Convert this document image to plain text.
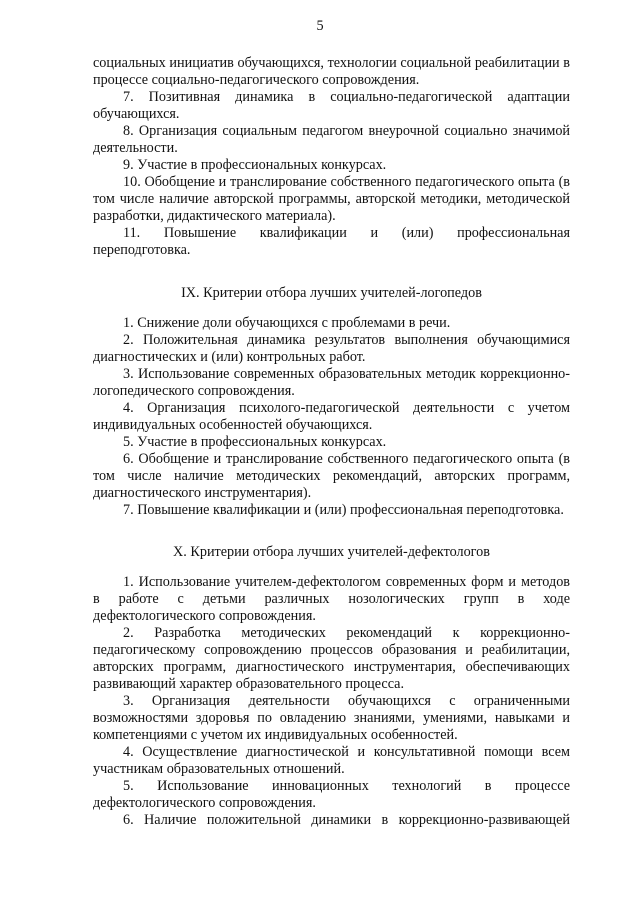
5

социальных инициатив обучающихся, технологии социальной реабилитации в процессе социально-педагогического сопровождения.

7. Позитивная динамика в социально-педагогической адаптации обучающихся.

8. Организация социальным педагогом внеурочной социально значимой деятельности.

9. Участие в профессиональных конкурсах.

10. Обобщение и транслирование собственного педагогического опыта (в том числе наличие авторской программы, авторской методики, методической разработки, дидактического материала).

11. Повышение квалификации и (или) профессиональная переподготовка.

IX. Критерии отбора лучших учителей-логопедов

1. Снижение доли обучающихся с проблемами в речи.

2. Положительная динамика результатов выполнения обучающимися диагностических и (или) контрольных работ.

3. Использование современных образовательных методик коррекционно-логопедического сопровождения.

4. Организация психолого-педагогической деятельности с учетом индивидуальных особенностей обучающихся.

5. Участие в профессиональных конкурсах.

6. Обобщение и транслирование собственного педагогического опыта (в том числе наличие методических рекомендаций, авторских программ, диагностического инструментария).

7. Повышение квалификации и (или) профессиональная переподготовка.

X. Критерии отбора лучших учителей-дефектологов

1. Использование учителем-дефектологом современных форм и методов в работе с детьми различных нозологических групп в ходе дефектологического сопровождения.

2. Разработка методических рекомендаций к коррекционно-педагогическому сопровождению процессов образования и реабилитации, авторских программ, диагностического инструментария, обеспечивающих развивающий характер образовательного процесса.

3. Организация деятельности обучающихся с ограниченными возможностями здоровья по овладению знаниями, умениями, навыками и компетенциями с учетом их индивидуальных особенностей.

4. Осуществление диагностической и консультативной помощи всем участникам образовательных отношений.

5. Использование инновационных технологий в процессе дефектологического сопровождения.

6. Наличие положительной динамики в коррекционно-развивающей
